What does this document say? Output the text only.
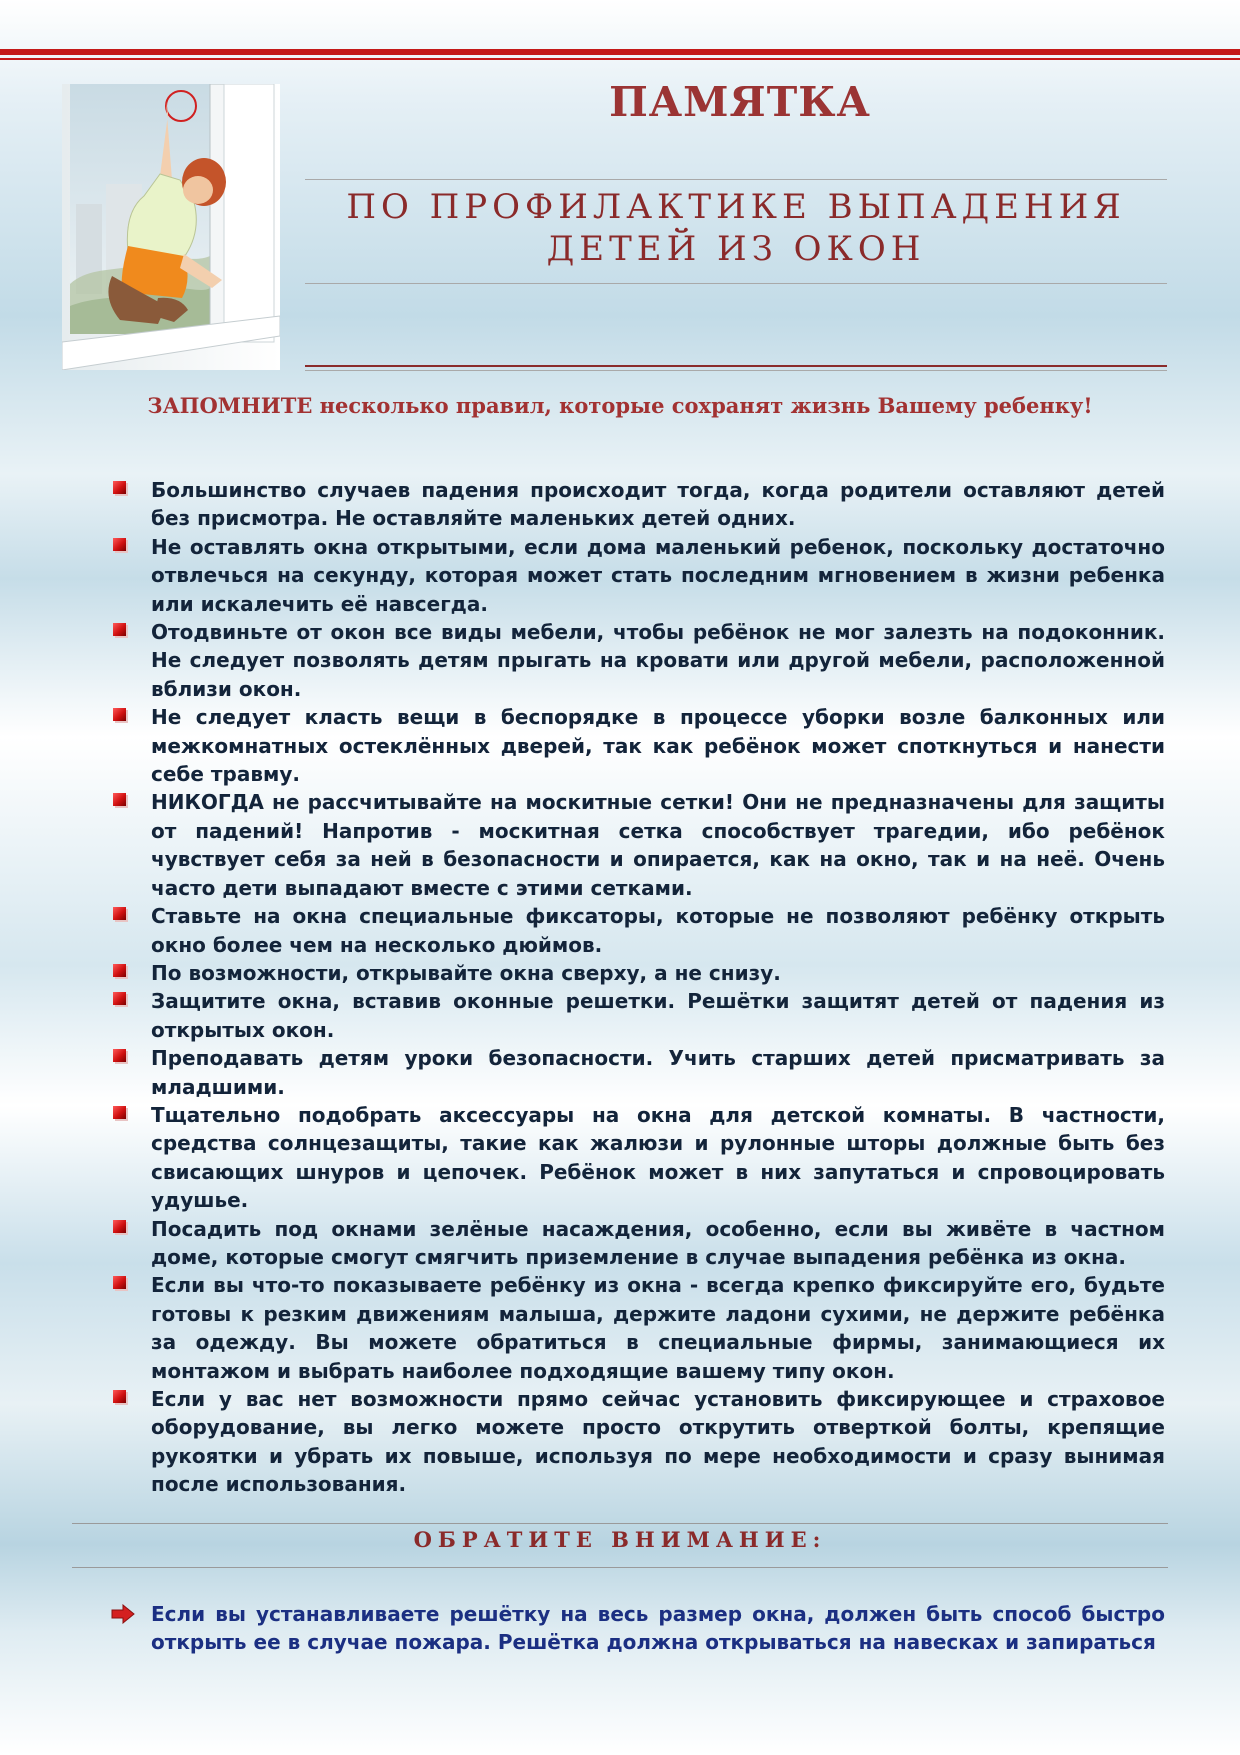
ПАМЯТКА
ПО ПРОФИЛАКТИКЕ ВЫПАДЕНИЯ
ДЕТЕЙ ИЗ ОКОН
ЗАПОМНИТЕ несколько правил, которые сохранят жизнь Вашему ребенку!
Большинство случаев падения происходит тогда, когда родители оставляют детей без присмотра. Не оставляйте маленьких детей одних.
Не оставлять окна открытыми, если дома маленький ребенок, поскольку достаточно отвлечься на секунду, которая может стать последним мгновением в жизни ребенка или искалечить её навсегда.
Отодвиньте от окон все виды мебели, чтобы ребёнок не мог залезть на подоконник. Не следует позволять детям прыгать на кровати или другой мебели, расположенной вблизи окон.
Не следует класть вещи в беспорядке в процессе уборки возле балконных или межкомнатных остеклённых дверей, так как ребёнок может споткнуться и нанести себе травму.
НИКОГДА не рассчитывайте на москитные сетки! Они не предназначены для защиты от падений! Напротив - москитная сетка способствует трагедии, ибо ребёнок чувствует себя за ней в безопасности и опирается, как на окно, так и на неё. Очень часто дети выпадают вместе с этими сетками.
Ставьте на окна специальные фиксаторы, которые не позволяют ребёнку открыть окно более чем на несколько дюймов.
По возможности, открывайте окна сверху, а не снизу.
Защитите окна, вставив оконные решетки. Решётки защитят детей от падения из открытых окон.
Преподавать детям уроки безопасности. Учить старших детей присматривать за младшими.
Тщательно подобрать аксессуары на окна для детской комнаты. В частности, средства солнцезащиты, такие как жалюзи и рулонные шторы должные быть без свисающих шнуров и цепочек. Ребёнок может в них запутаться и спровоцировать удушье.
Посадить под окнами зелёные насаждения, особенно, если вы живёте в частном доме, которые смогут смягчить приземление в случае выпадения ребёнка из окна.
Если вы что-то показываете ребёнку из окна - всегда крепко фиксируйте его, будьте готовы к резким движениям малыша, держите ладони сухими, не держите ребёнка за одежду. Вы можете обратиться в специальные фирмы, занимающиеся их монтажом и выбрать наиболее подходящие вашему типу окон.
Если у вас нет возможности прямо сейчас установить фиксирующее и страховое оборудование, вы легко можете просто открутить отверткой болты, крепящие рукоятки и убрать их повыше, используя по мере необходимости и сразу вынимая после использования.
ОБРАТИТЕ ВНИМАНИЕ:
Если вы устанавливаете решётку на весь размер окна, должен быть способ быстро открыть ее в случае пожара. Решётка должна открываться на навесках и запираться
